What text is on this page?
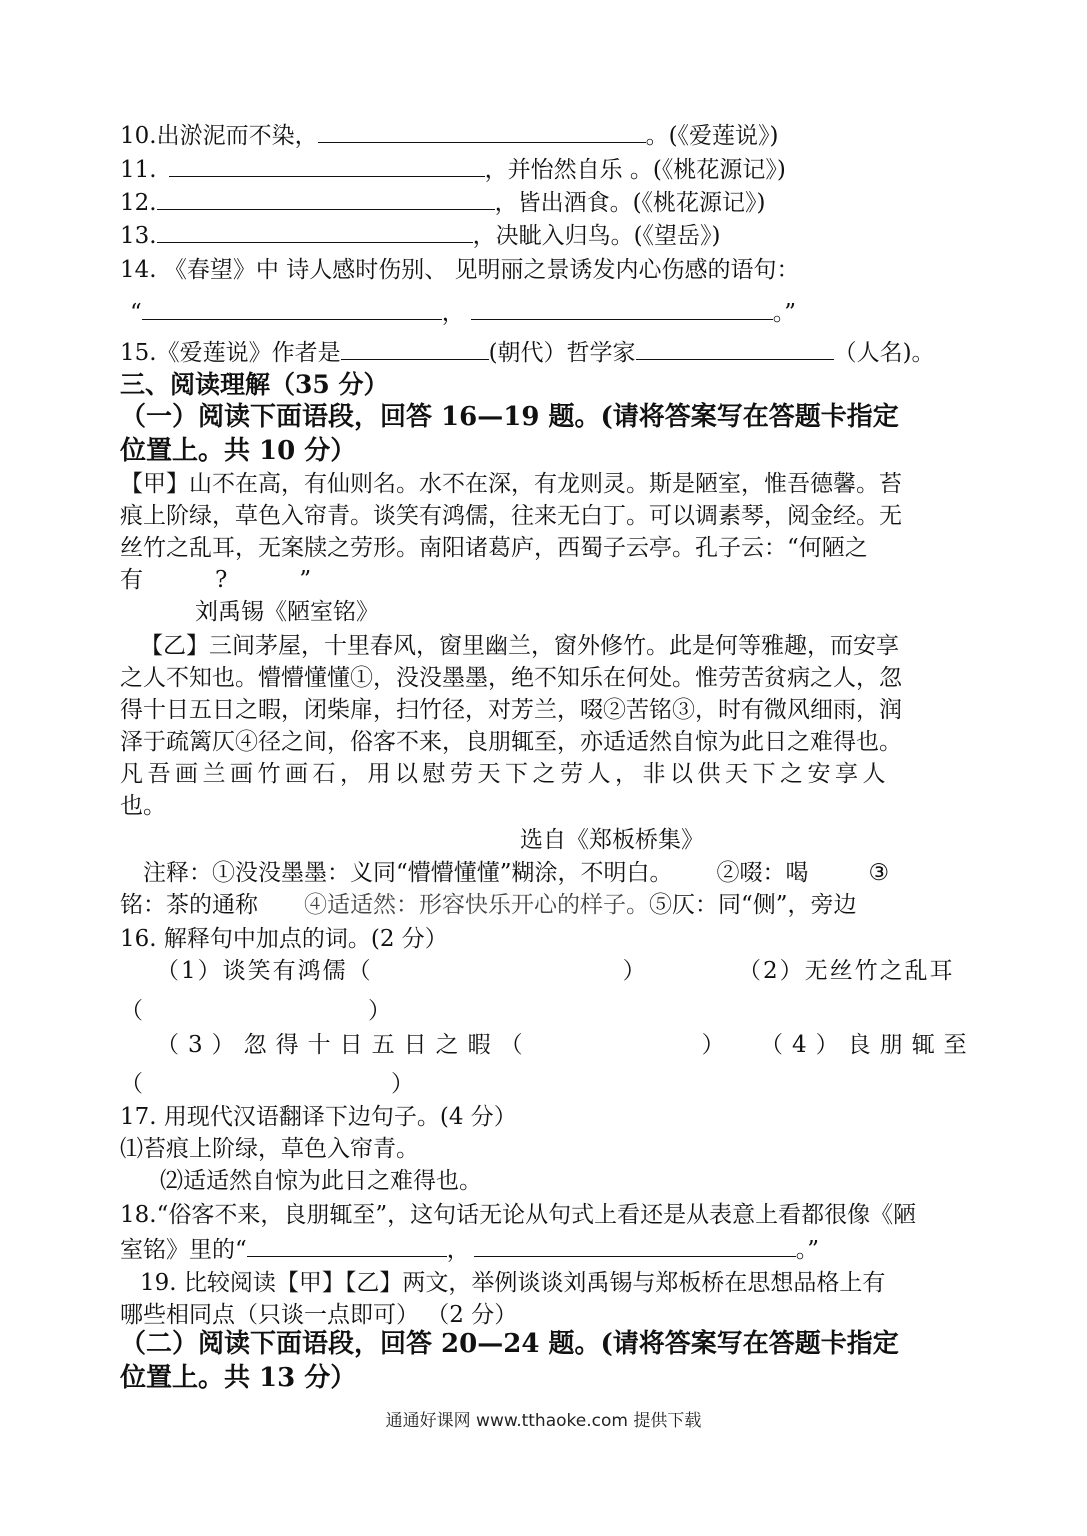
10.出淤泥而不染，	。(《爱莲说》)
11.	，并怡然自乐 。(《桃花源记》)
12.	，皆出酒食。(《桃花源记》)
13.	，决眦入归鸟。(《望岳》)
14. 《春望》中 诗人感时伤别、 见明丽之景诱发内心伤感的语句：
“	，	。”
15.《爱莲说》作者是	(朝代）哲学家	（人名)。
三、阅读理解（35 分）
（一）阅读下面语段，回答 16—19 题。(请将答案写在答题卡指定
位置上。共 10 分）
【甲】山不在高，有仙则名。水不在深，有龙则灵。斯是陋室，惟吾德馨。苔
痕上阶绿，草色入帘青。谈笑有鸿儒，往来无白丁。可以调素琴，阅金经。无
丝竹之乱耳，无案牍之劳形。南阳诸葛庐，西蜀子云亭。孔子云：“何陋之
有	?	”
刘禹锡《陋室铭》
【乙】三间茅屋，十里春风，窗里幽兰，窗外修竹。此是何等雅趣，而安享
之人不知也。懵懵懂懂①，没没墨墨，绝不知乐在何处。惟劳苦贫病之人，忽
得十日五日之暇，闭柴扉，扫竹径，对芳兰，啜②苦铭③，时有微风细雨，润
泽于疏篱仄④径之间，俗客不来，良朋辄至，亦适适然自惊为此日之难得也。
凡吾画兰画竹画石，用以慰劳天下之劳人，非以供天下之安享人
也。
选自《郑板桥集》
注释：①没没墨墨：义同“懵懵懂懂”糊涂，不明白。 ②啜：喝	③
铭：茶的通称 ④适适然：形容快乐开心的样子。⑤仄：同“侧”，旁边
16. 解释句中加点的词。(2 分）
（1）谈笑有鸿儒（	）	（2）无丝竹之乱耳
（	）
（3）忽得十日五日之暇（	） （4）良朋辄至
（	）
17. 用现代汉语翻译下边句子。(4 分）
⑴苔痕上阶绿，草色入帘青。
⑵适适然自惊为此日之难得也。
18.“俗客不来，良朋辄至”，这句话无论从句式上看还是从表意上看都很像《陋
室铭》里的“	，	。”
19. 比较阅读【甲】【乙】两文，举例谈谈刘禹锡与郑板桥在思想品格上有
哪些相同点（只谈一点即可） （2 分）
（二）阅读下面语段，回答 20—24 题。(请将答案写在答题卡指定
位置上。共 13 分）
通通好课网 www.tthaoke.com 提供下载
